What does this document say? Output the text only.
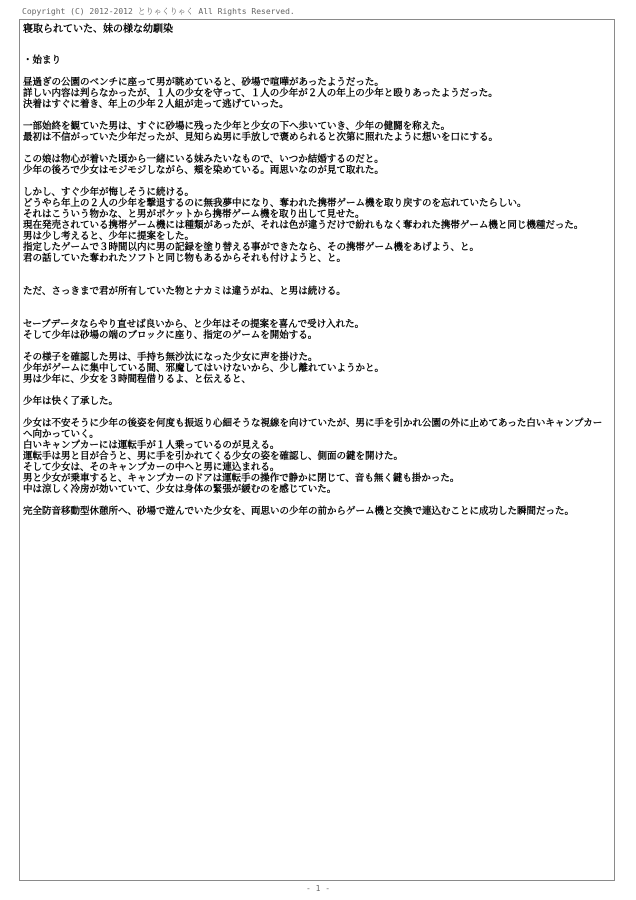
Copyright (C) 2012-2012 とりゃくりゃく All Rights Reserved.
寝取られていた、妹の様な幼馴染
・始まり
昼過ぎの公園のベンチに座って男が眺めていると、砂場で喧嘩があったようだった。
詳しい内容は判らなかったが、１人の少女を守って、１人の少年が２人の年上の少年と殴りあったようだった。
決着はすぐに着き、年上の少年２人組が走って逃げていった。
一部始終を観ていた男は、すぐに砂場に残った少年と少女の下へ歩いていき、少年の健闘を称えた。
最初は不信がっていた少年だったが、見知らぬ男に手放しで褒められると次第に照れたように想いを口にする。
この娘は物心が着いた頃から一緒にいる妹みたいなもので、いつか結婚するのだと。
少年の後ろで少女はモジモジしながら、頬を染めている。両思いなのが見て取れた。
しかし、すぐ少年が悔しそうに続ける。
どうやら年上の２人の少年を撃退するのに無我夢中になり、奪われた携帯ゲーム機を取り戻すのを忘れていたらしい。
それはこういう物かな、と男がポケットから携帯ゲーム機を取り出して見せた。
現在発売されている携帯ゲーム機には種類があったが、それは色が違うだけで紛れもなく奪われた携帯ゲーム機と同じ機種だった。
男は少し考えると、少年に提案をした。
指定したゲームで３時間以内に男の記録を塗り替える事ができたなら、その携帯ゲーム機をあげよう、と。
君の話していた奪われたソフトと同じ物もあるからそれも付けようと、と。
ただ、さっきまで君が所有していた物とナカミは違うがね、と男は続ける。
セーブデータならやり直せば良いから、と少年はその提案を喜んで受け入れた。
そして少年は砂場の端のブロックに座り、指定のゲームを開始する。
その様子を確認した男は、手持ち無沙汰になった少女に声を掛けた。
少年がゲームに集中している間、邪魔してはいけないから、少し離れていようかと。
男は少年に、少女を３時間程借りるよ、と伝えると、
少年は快く了承した。
少女は不安そうに少年の後姿を何度も振返り心細そうな視線を向けていたが、男に手を引かれ公園の外に止めてあった白いキャンプカーへ向かっていく。
白いキャンプカーには運転手が１人乗っているのが見える。
運転手は男と目が合うと、男に手を引かれてくる少女の姿を確認し、側面の鍵を開けた。
そして少女は、そのキャンプカーの中へと男に連込まれる。
男と少女が乗車すると、キャンプカーのドアは運転手の操作で静かに閉じて、音も無く鍵も掛かった。
中は涼しく冷房が効いていて、少女は身体の緊張が緩むのを感じていた。
完全防音移動型休憩所へ、砂場で遊んでいた少女を、両思いの少年の前からゲーム機と交換で連込むことに成功した瞬間だった。
- 1 -
